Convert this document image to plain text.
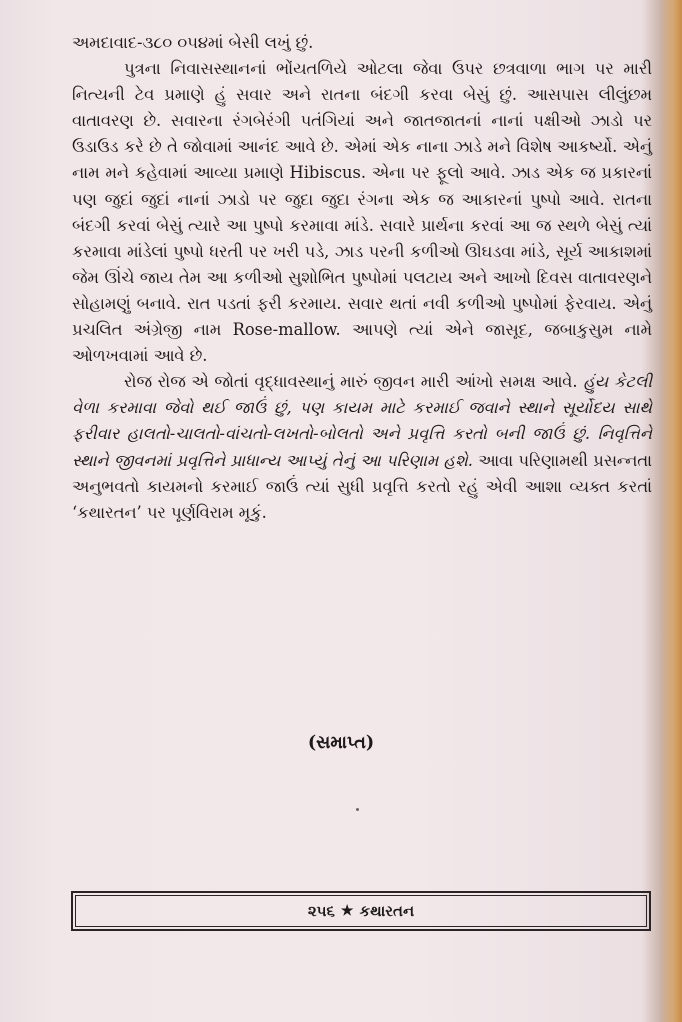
અમદાવાદ-૩૮૦ ૦૫૪માં બેસી લખું છું.

પુત્રના નિવાસસ્થાનનાં ભોંયતળિયે ઓટલા જેવા ઉપર છત્રવાળા ભાગ પર મારી નિત્યની ટેવ પ્રમાણે હું સવાર અને રાતના બંદગી કરવા બેસું છું. આસપાસ લીલુંછમ વાતાવરણ છે. સવારના રંગબેરંગી પતંગિયાં અને જાતજાતનાં નાનાં પક્ષીઓ ઝાડો પર ઉડાઉડ કરે છે તે જોવામાં આનંદ આવે છે. એમાં એક નાના ઝાડે મને વિશેષ આકર્ષ્યો. એનું નામ મને કહેવામાં આવ્યા પ્રમાણે Hibiscus. એના પર ફૂલો આવે. ઝાડ એક જ પ્રકારનાં પણ જુદાં જુદાં નાનાં ઝાડો પર જુદા જુદા રંગના એક જ આકારનાં પુષ્પો આવે. રાતના બંદગી કરવાં બેસું ત્યારે આ પુષ્પો કરમાવા માંડે. સવારે પ્રાર્થના કરવાં આ જ સ્થળે બેસું ત્યાં કરમાવા માંડેલાં પુષ્પો ધરતી પર ખરી પડે, ઝાડ પરની કળીઓ ઊઘડવા માંડે, સૂર્ય આકાશમાં જેમ ઊંચે જાય તેમ આ કળીઓ સુશોભિત પુષ્પોમાં પલટાય અને આખો દિવસ વાતાવરણને સોહામણું બનાવે. રાત પડતાં ફરી કરમાય. સવાર થતાં નવી કળીઓ પુષ્પોમાં ફેરવાય. એનું પ્રચલિત અંગ્રેજી નામ Rose-mallow. આપણે ત્યાં એને જાસૂદ, જબાકુસુમ નામે ઓળખવામાં આવે છે.

રોજ રોજ એ જોતાં વૃદ્ધાવસ્થાનું મારું જીવન મારી આંખો સમક્ષ આવે. હુંય કેટલી વેળા કરમાવા જેવો થઈ જાઉં છું, પણ કાયમ માટે કરમાઈ જવાને સ્થાને સૂર્યોદય સાથે ફરીવાર હાલતો-ચાલતો-વાંચતો-લખતો-બોલતો અને પ્રવૃત્તિ કરતો બની જાઉં છું. નિવૃત્તિને સ્થાને જીવનમાં પ્રવૃત્તિને પ્રાધાન્ય આપ્યું તેનું આ પરિણામ હશે. આવા પરિણામથી પ્રસન્નતા અનુભવતો કાયમનો કરમાઈ જાઉં ત્યાં સુધી પ્રવૃત્તિ કરતો રહું એવી આશા વ્યક્ત કરતાં ‘કથારતન’ પર પૂર્ણવિરામ મૂકું.

(સમાપ્ત)
૨૫૬ ★ કથારતન
